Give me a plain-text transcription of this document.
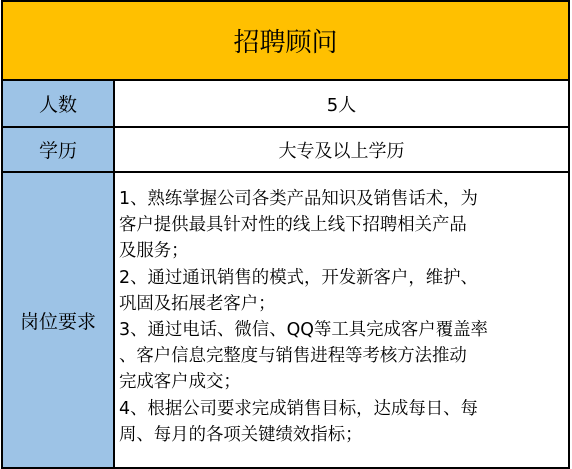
招聘顾问
人数	5人
学历	大专及以上学历
岗位要求
1、熟练掌握公司各类产品知识及销售话术，为
客户提供最具针对性的线上线下招聘相关产品
及服务；
2、通过通讯销售的模式，开发新客户，维护、
巩固及拓展老客户；
3、通过电话、微信、QQ等工具完成客户覆盖率
、客户信息完整度与销售进程等考核方法推动
完成客户成交；
4、根据公司要求完成销售目标，达成每日、每
周、每月的各项关键绩效指标；
